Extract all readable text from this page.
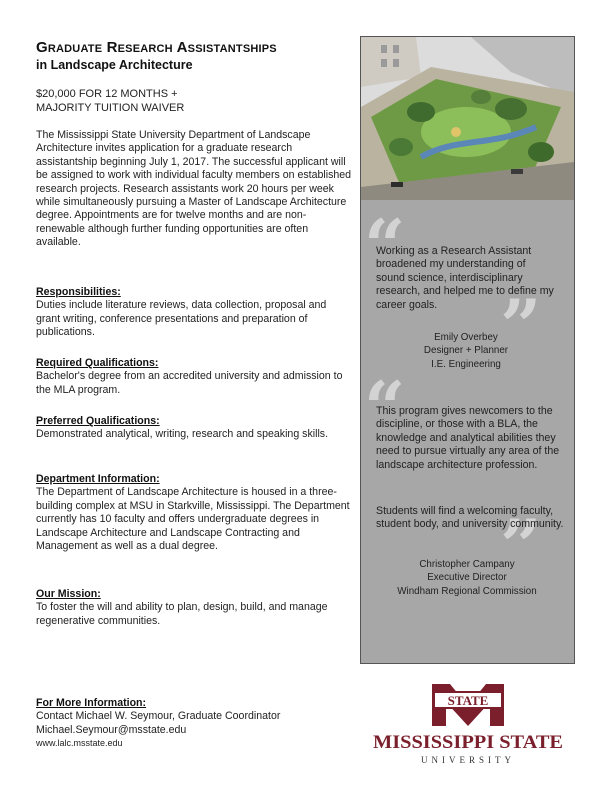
Graduate Research Assistantships
in Landscape Architecture
$20,000 FOR 12 MONTHS +
MAJORITY TUITION WAIVER
The Mississippi State University Department of Landscape Architecture invites application for a graduate research assistantship beginning July 1, 2017. The successful applicant will be assigned to work with individual faculty members on established research projects. Research assistants work 20 hours per week while simultaneously pursuing a Master of Landscape Architecture degree. Appointments are for twelve months and are non-renewable although further funding opportunities are often available.
Responsibilities:
Duties include literature reviews, data collection, proposal and grant writing, conference presentations and preparation of publications.
Required Qualifications:
Bachelor's degree from an accredited university and admission to the MLA program.
Preferred Qualifications:
Demonstrated analytical, writing, research and speaking skills.
Department Information:
The Department of Landscape Architecture is housed in a three-building complex at MSU in Starkville, Mississippi. The Department currently has 10 faculty and offers undergraduate degrees in Landscape Architecture and Landscape Contracting and Management as well as a dual degree.
Our Mission:
To foster the will and ability to plan, design, build, and manage regenerative communities.
For More Information:
Contact Michael W. Seymour, Graduate Coordinator
Michael.Seymour@msstate.edu
www.lalc.msstate.edu
“
”
“
”
Working as a Research Assistant broadened my understanding of sound science, interdisciplinary research, and helped me to define my career goals.
Emily Overbey
Designer + Planner
I.E. Engineering
This program gives newcomers to the discipline, or those with a BLA, the knowledge and analytical abilities they need to pursue virtually any area of the landscape architecture profession.
Students will find a welcoming faculty, student body, and university community.
Christopher Campany
Executive Director
Windham Regional Commission
STATE
MISSISSIPPI STATE
UNIVERSITY
